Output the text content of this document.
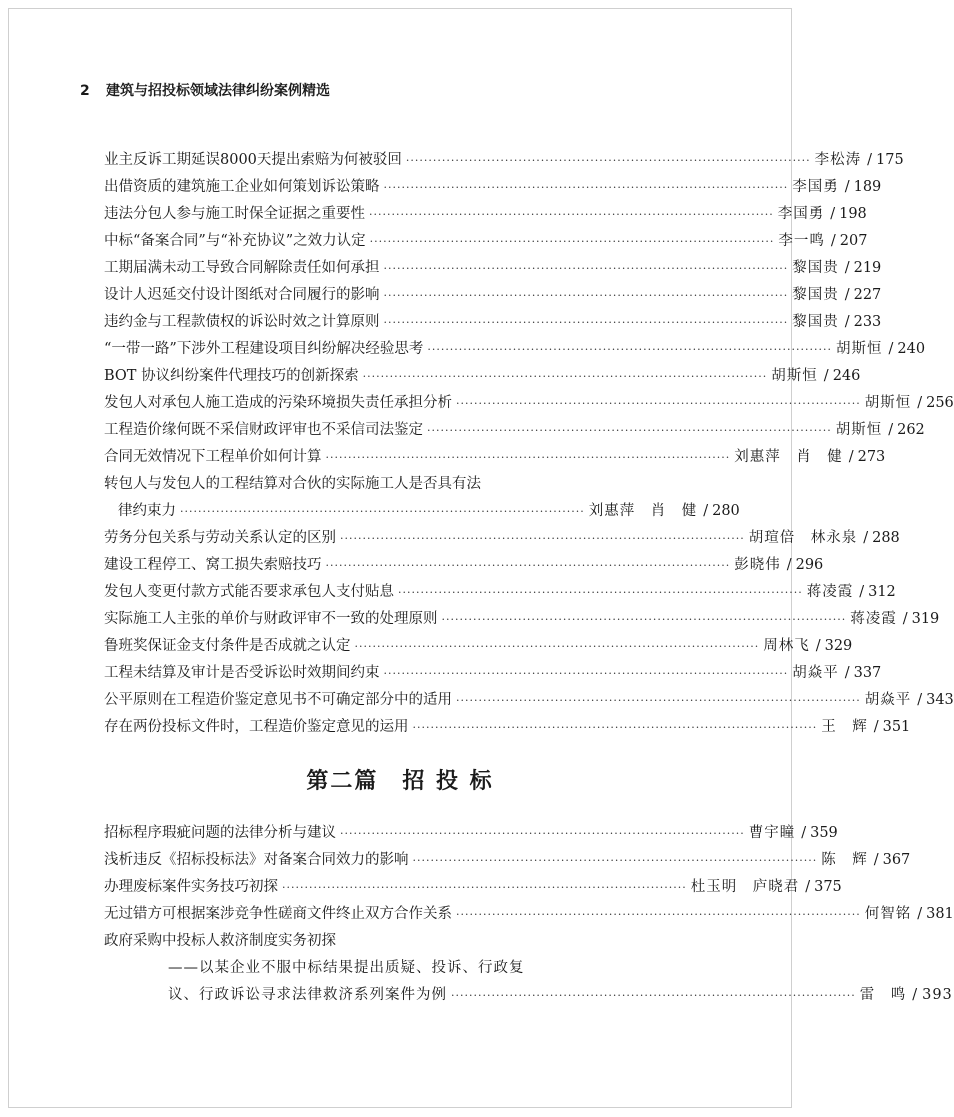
2 建筑与招投标领域法律纠纷案例精选
业主反诉工期延误8000天提出索赔为何被驳回 ·························································································· 李松涛 / 175
出借资质的建筑施工企业如何策划诉讼策略 ·························································································· 李国勇 / 189
违法分包人参与施工时保全证据之重要性 ·························································································· 李国勇 / 198
中标“备案合同”与“补充协议”之效力认定 ·························································································· 李一鸣 / 207
工期届满未动工导致合同解除责任如何承担 ·························································································· 黎国贵 / 219
设计人迟延交付设计图纸对合同履行的影响 ·························································································· 黎国贵 / 227
违约金与工程款债权的诉讼时效之计算原则 ·························································································· 黎国贵 / 233
“一带一路”下涉外工程建设项目纠纷解决经验思考 ·························································································· 胡斯恒 / 240
BOT 协议纠纷案件代理技巧的创新探索 ·························································································· 胡斯恒 / 246
发包人对承包人施工造成的污染环境损失责任承担分析 ·························································································· 胡斯恒 / 256
工程造价缘何既不采信财政评审也不采信司法鉴定 ·························································································· 胡斯恒 / 262
合同无效情况下工程单价如何计算 ·························································································· 刘惠萍　肖　健 / 273
转包人与发包人的工程结算对合伙的实际施工人是否具有法
律约束力 ·························································································· 刘惠萍　肖　健 / 280
劳务分包关系与劳动关系认定的区别 ·························································································· 胡瑄倍　林永泉 / 288
建设工程停工、窝工损失索赔技巧 ·························································································· 彭晓伟 / 296
发包人变更付款方式能否要求承包人支付贴息 ·························································································· 蒋凌霞 / 312
实际施工人主张的单价与财政评审不一致的处理原则 ·························································································· 蒋凌霞 / 319
鲁班奖保证金支付条件是否成就之认定 ·························································································· 周林飞 / 329
工程未结算及审计是否受诉讼时效期间约束 ·························································································· 胡焱平 / 337
公平原则在工程造价鉴定意见书不可确定部分中的适用 ·························································································· 胡焱平 / 343
存在两份投标文件时，工程造价鉴定意见的运用 ·························································································· 王　辉 / 351
第二篇　招 投 标
招标程序瑕疵问题的法律分析与建议 ·························································································· 曹宇瞳 / 359
浅析违反《招标投标法》对备案合同效力的影响 ·························································································· 陈　辉 / 367
办理废标案件实务技巧初探 ·························································································· 杜玉明　庐晓君 / 375
无过错方可根据案涉竞争性磋商文件终止双方合作关系 ·························································································· 何智铭 / 381
政府采购中投标人救济制度实务初探
——以某企业不服中标结果提出质疑、投诉、行政复
议、行政诉讼寻求法律救济系列案件为例 ·························································································· 雷　鸣 / 393
